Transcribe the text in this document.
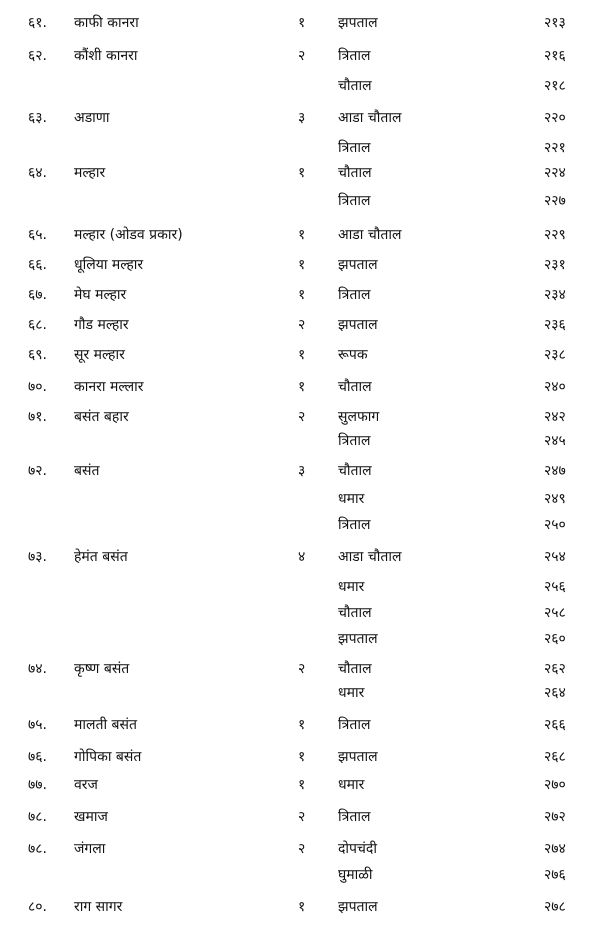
६१. काफी कानरा	१ झपताल	२१३
६२. कौंशी कानरा	२ त्रिताल	२१६
चौताल	२१८
६३. अडाणा	३ आडा चौताल	२२०
त्रिताल	२२१
६४. मल्हार	१ चौताल	२२४
त्रिताल	२२७
६५. मल्हार (ओडव प्रकार)	१ आडा चौताल	२२९
६६. धूलिया मल्हार	१ झपताल	२३१
६७. मेघ मल्हार	१ त्रिताल	२३४
६८. गौड मल्हार	२ झपताल	२३६
६९. सूर मल्हार	१ रूपक	२३८
७०. कानरा मल्लार	१ चौताल	२४०
७१. बसंत बहार	२ सुलफाग	२४२
त्रिताल	२४५
७२. बसंत	३ चौताल	२४७
धमार	२४९
त्रिताल	२५०
७३. हेमंत बसंत	४ आडा चौताल	२५४
धमार	२५६
चौताल	२५८
झपताल	२६०
७४. कृष्ण बसंत	२ चौताल	२६२
धमार	२६४
७५. मालती बसंत	१ त्रिताल	२६६
७६. गोपिका बसंत	१ झपताल	२६८
७७. वरज	१ धमार	२७०
७८. खमाज	२ त्रिताल	२७२
७८. जंगला	२ दोपचंदी	२७४
घुमाळी	२७६
८०. राग सागर	१ झपताल	२७८
